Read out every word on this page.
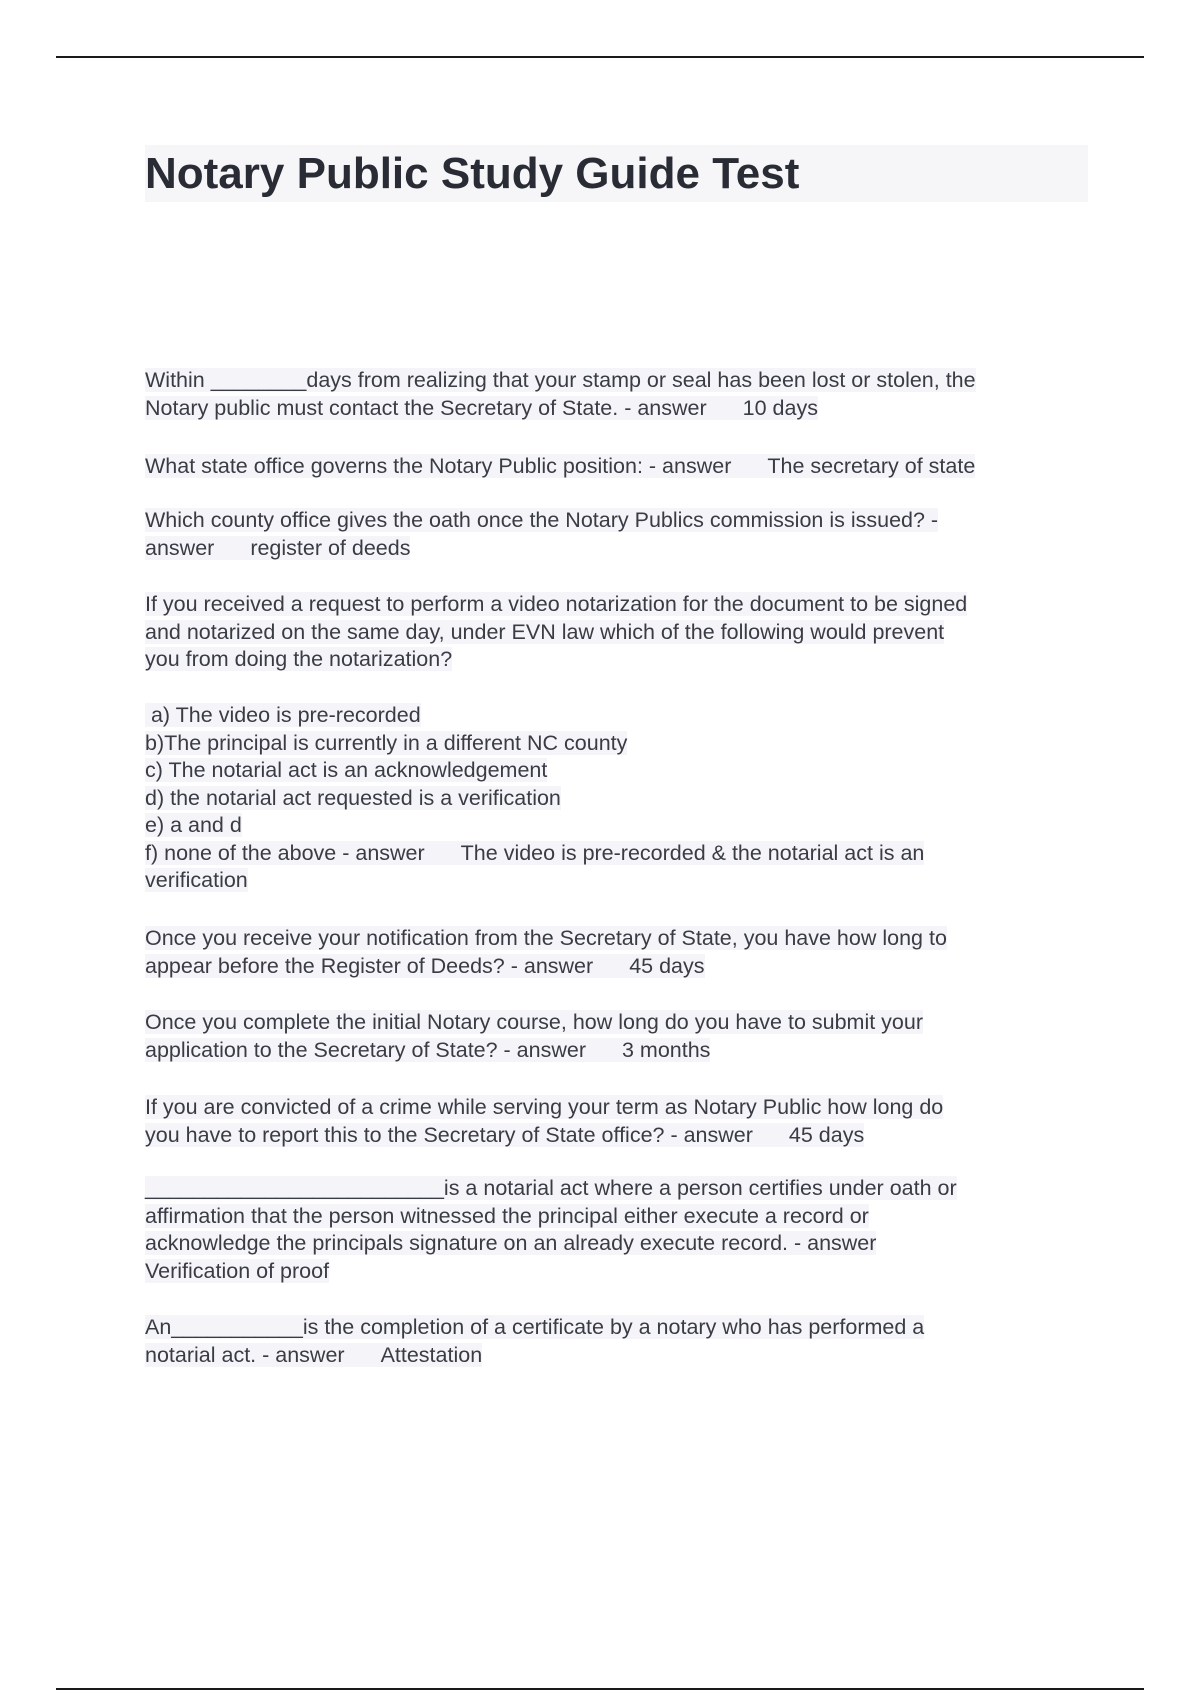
Notary Public Study Guide Test
Within ________days from realizing that your stamp or seal has been lost or stolen, the
Notary public must contact the Secretary of State. - answer 10 days
What state office governs the Notary Public position: - answer The secretary of state
Which county office gives the oath once the Notary Publics commission is issued? -
answer register of deeds
If you received a request to perform a video notarization for the document to be signed
and notarized on the same day, under EVN law which of the following would prevent
you from doing the notarization?
a) The video is pre-recorded
b)The principal is currently in a different NC county
c) The notarial act is an acknowledgement
d) the notarial act requested is a verification
e) a and d
f) none of the above - answer The video is pre-recorded & the notarial act is an
verification
Once you receive your notification from the Secretary of State, you have how long to
appear before the Register of Deeds? - answer 45 days
Once you complete the initial Notary course, how long do you have to submit your
application to the Secretary of State? - answer 3 months
If you are convicted of a crime while serving your term as Notary Public how long do
you have to report this to the Secretary of State office? - answer 45 days
_________________________is a notarial act where a person certifies under oath or
affirmation that the person witnessed the principal either execute a record or
acknowledge the principals signature on an already execute record. - answer
Verification of proof
An___________is the completion of a certificate by a notary who has performed a
notarial act. - answer Attestation
